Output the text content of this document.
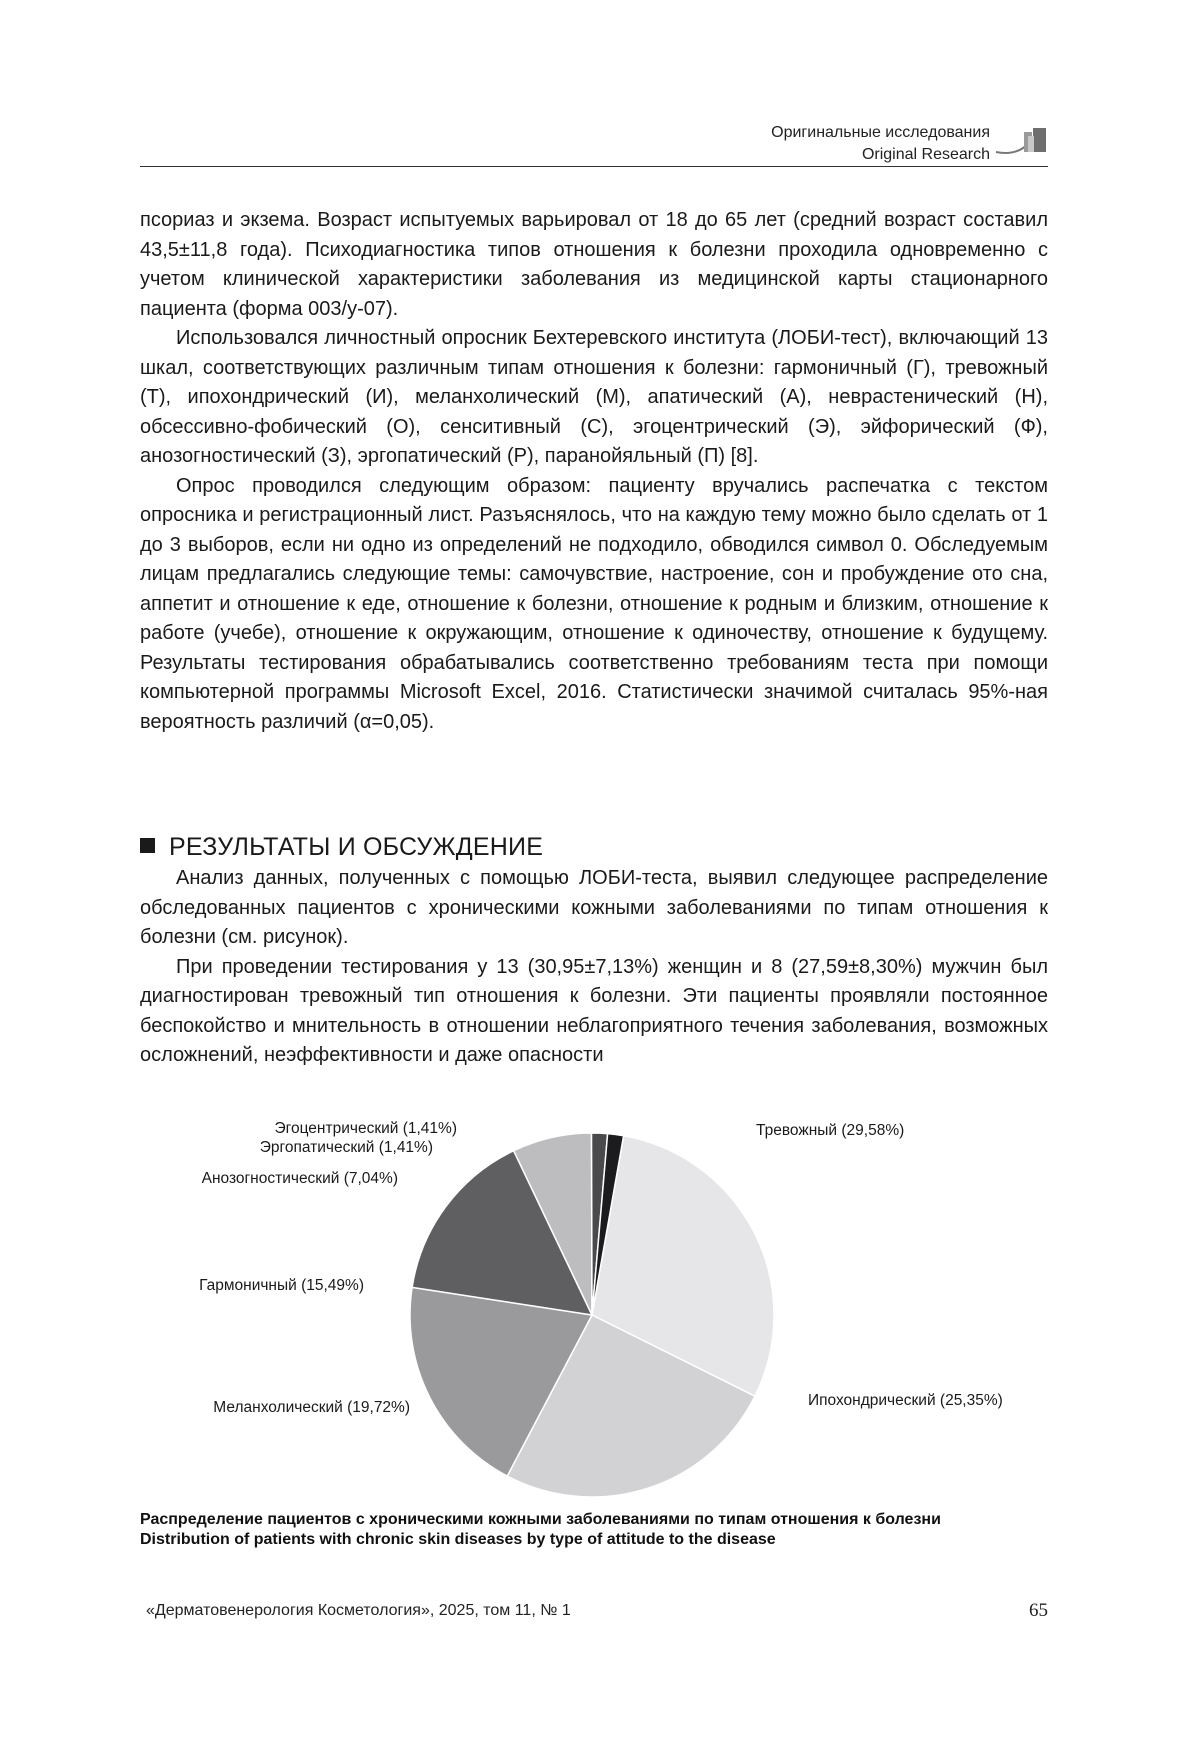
Оригинальные исследования
Original Research

псориаз и экзема. Возраст испытуемых варьировал от 18 до 65 лет (средний возраст составил 43,5±11,8 года). Психодиагностика типов отношения к болезни проходила одновременно с учетом клинической характеристики заболевания из медицинской карты стационарного пациента (форма 003/у-07).

Использовался личностный опросник Бехтеревского института (ЛОБИ-тест), включающий 13 шкал, соответствующих различным типам отношения к болезни: гармоничный (Г), тревожный (Т), ипохондрический (И), меланхолический (М), апатический (А), неврастенический (Н), обсессивно-фобический (О), сенситивный (С), эгоцентрический (Э), эйфорический (Ф), анозогностический (З), эргопатический (Р), паранойяльный (П) [8].

Опрос проводился следующим образом: пациенту вручались распечатка с текстом опросника и регистрационный лист. Разъяснялось, что на каждую тему можно было сделать от 1 до 3 выборов, если ни одно из определений не подходило, обводился символ 0. Обследуемым лицам предлагались следующие темы: самочувствие, настроение, сон и пробуждение ото сна, аппетит и отношение к еде, отношение к болезни, отношение к родным и близким, отношение к работе (учебе), отношение к окружающим, отношение к одиночеству, отношение к будущему. Результаты тестирования обрабатывались соответственно требованиям теста при помощи компьютерной программы Microsoft Excel, 2016. Статистически значимой считалась 95%-ная вероятность различий (α=0,05).

РЕЗУЛЬТАТЫ И ОБСУЖДЕНИЕ

Анализ данных, полученных с помощью ЛОБИ-теста, выявил следующее распределение обследованных пациентов с хроническими кожными заболеваниями по типам отношения к болезни (см. рисунок).

При проведении тестирования у 13 (30,95±7,13%) женщин и 8 (27,59±8,30%) мужчин был диагностирован тревожный тип отношения к болезни. Эти пациенты проявляли постоянное беспокойство и мнительность в отношении неблагоприятного течения заболевания, возможных осложнений, неэффективности и даже опасности

Тревожный (29,58%)
Ипохондрический (25,35%)
Меланхолический (19,72%)
Гармоничный (15,49%)
Анозогностический (7,04%)
Эргопатический (1,41%)
Эгоцентрический (1,41%)
Распределение пациентов с хроническими кожными заболеваниями по типам отношения к болезни
Distribution of patients with chronic skin diseases by type of attitude to the disease
«Дерматовенерология Косметология», 2025, том 11, № 1	65
